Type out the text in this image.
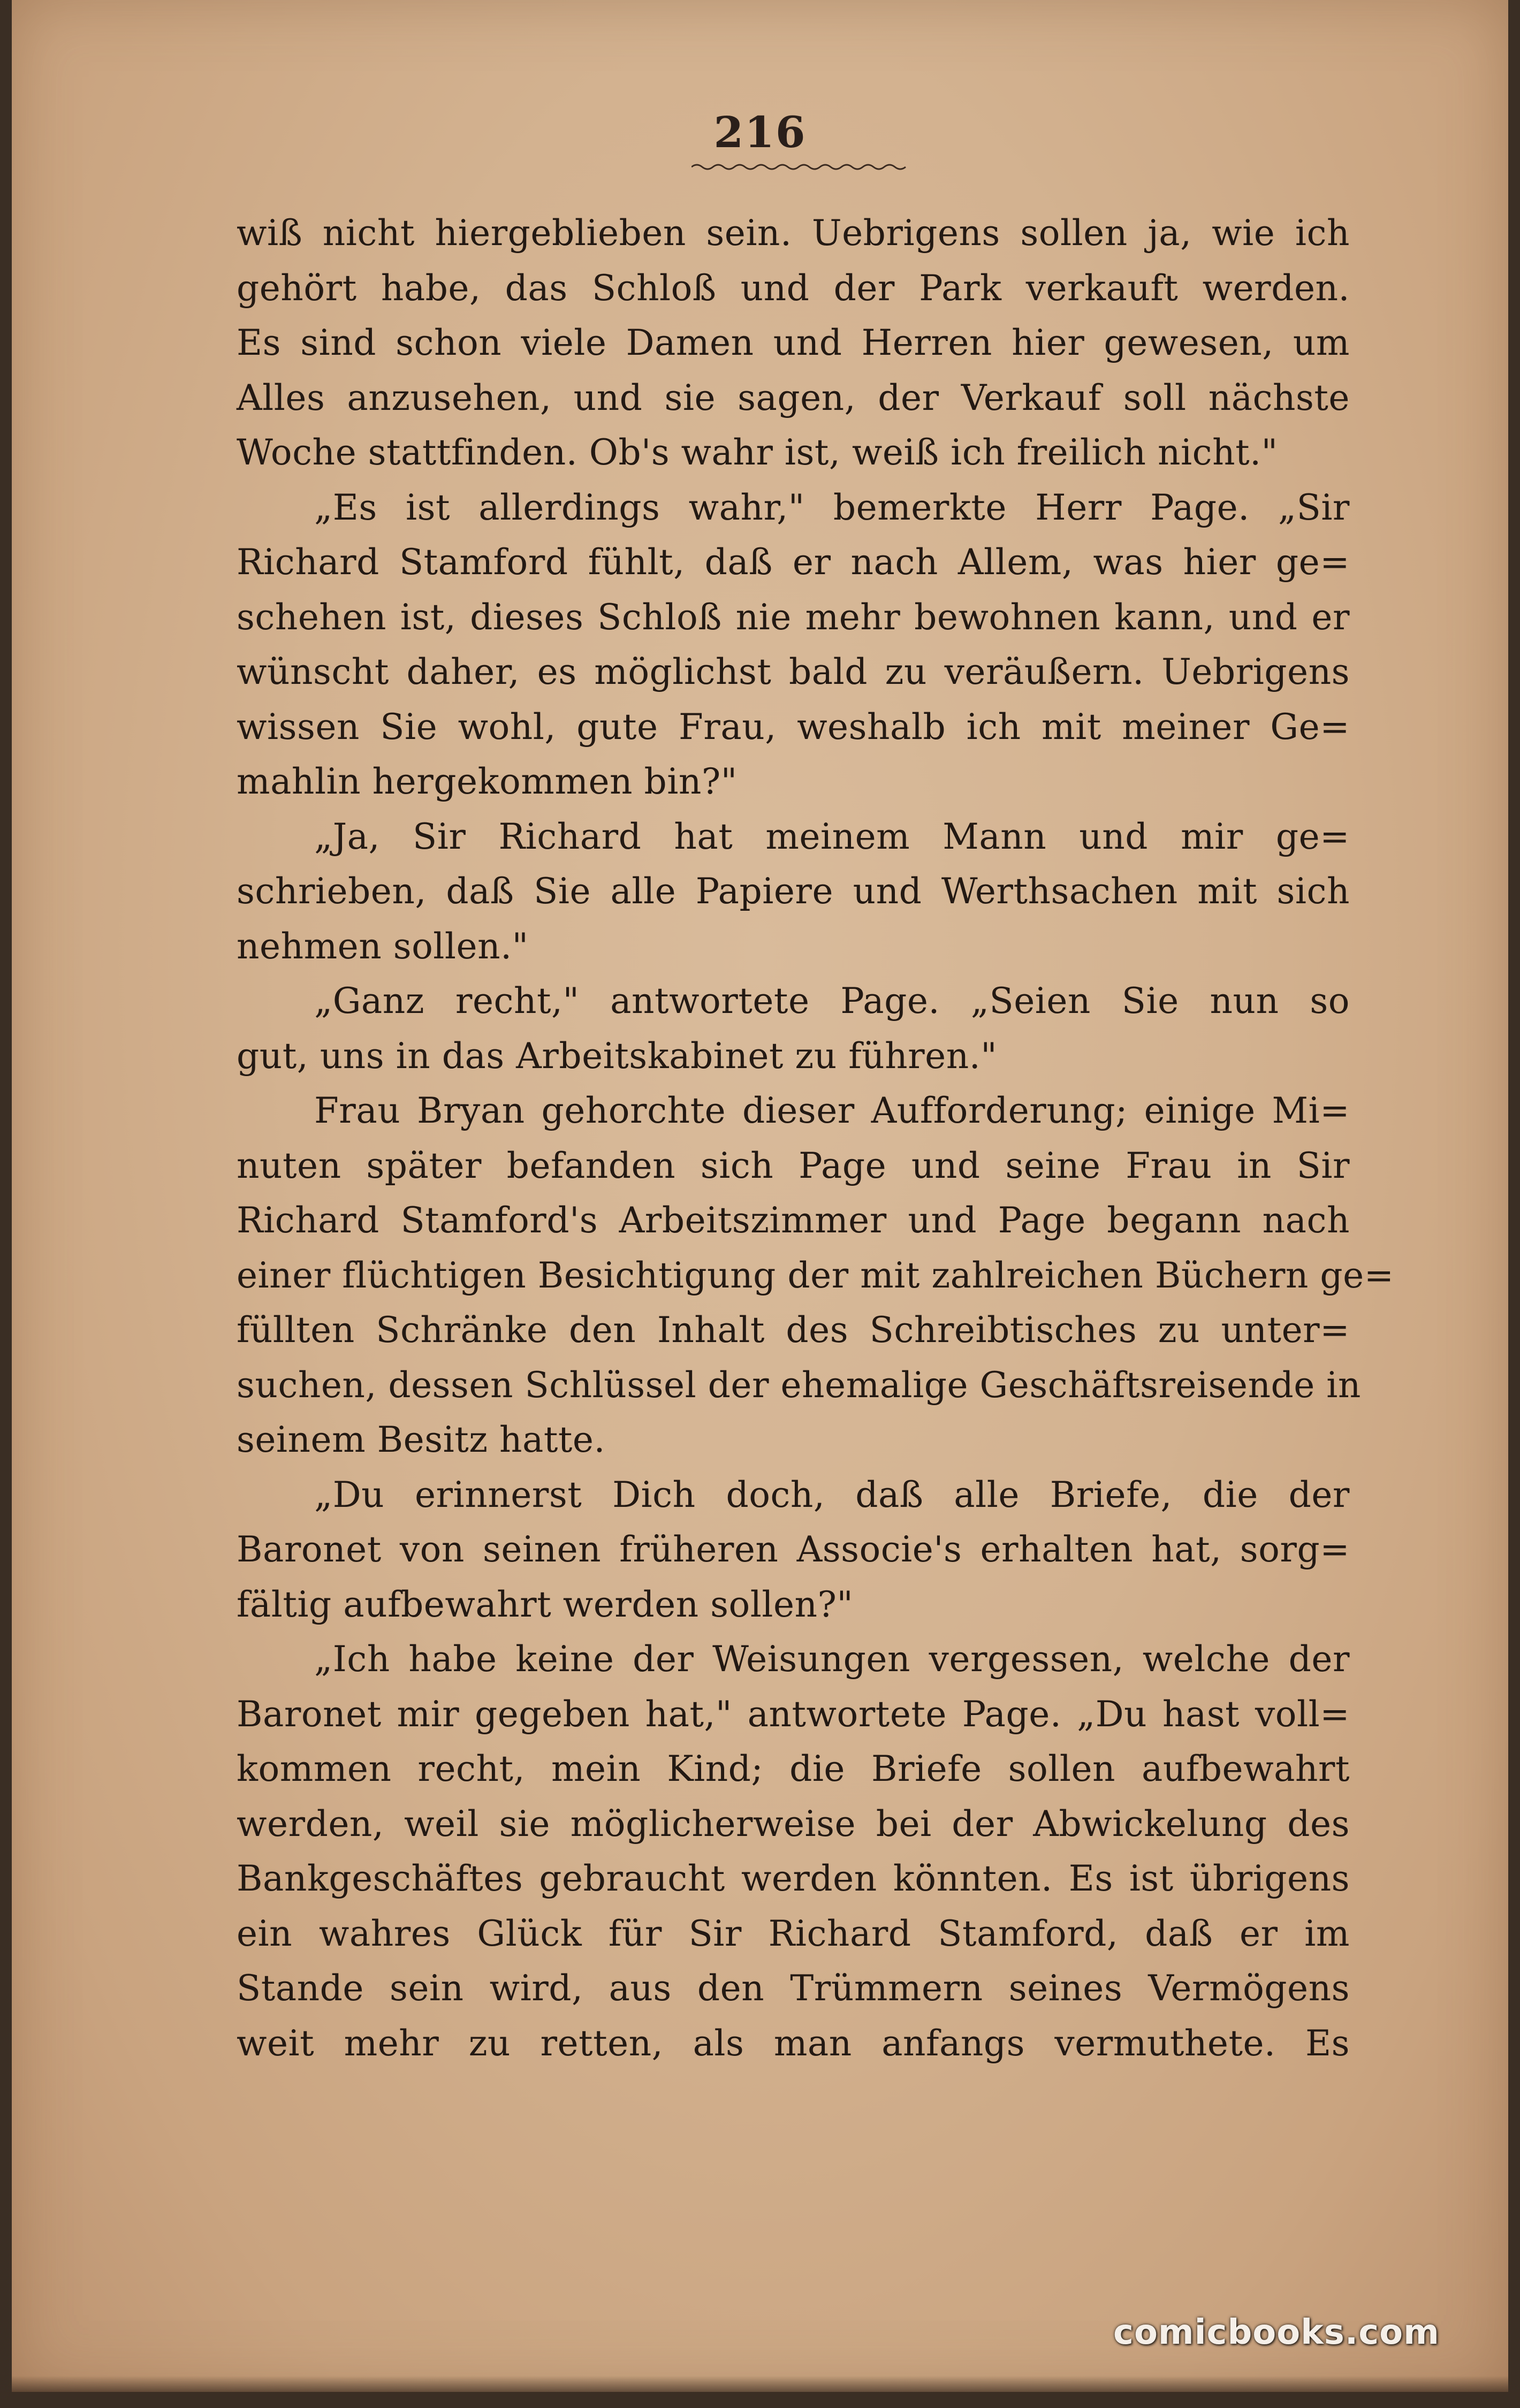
216
wiß nicht hiergeblieben sein. Uebrigens sollen ja, wie ich
gehört habe, das Schloß und der Park verkauft werden.
Es sind schon viele Damen und Herren hier gewesen, um
Alles anzusehen, und sie sagen, der Verkauf soll nächste
Woche stattfinden. Ob's wahr ist, weiß ich freilich nicht."
„Es ist allerdings wahr," bemerkte Herr Page. „Sir
Richard Stamford fühlt, daß er nach Allem, was hier ge=
schehen ist, dieses Schloß nie mehr bewohnen kann, und er
wünscht daher, es möglichst bald zu veräußern. Uebrigens
wissen Sie wohl, gute Frau, weshalb ich mit meiner Ge=
mahlin hergekommen bin?"
„Ja, Sir Richard hat meinem Mann und mir ge=
schrieben, daß Sie alle Papiere und Werthsachen mit sich
nehmen sollen."
„Ganz recht," antwortete Page. „Seien Sie nun so
gut, uns in das Arbeitskabinet zu führen."
Frau Bryan gehorchte dieser Aufforderung; einige Mi=
nuten später befanden sich Page und seine Frau in Sir
Richard Stamford's Arbeitszimmer und Page begann nach
einer flüchtigen Besichtigung der mit zahlreichen Büchern ge=
füllten Schränke den Inhalt des Schreibtisches zu unter=
suchen, dessen Schlüssel der ehemalige Geschäftsreisende in
seinem Besitz hatte.
„Du erinnerst Dich doch, daß alle Briefe, die der
Baronet von seinen früheren Associe's erhalten hat, sorg=
fältig aufbewahrt werden sollen?"
„Ich habe keine der Weisungen vergessen, welche der
Baronet mir gegeben hat," antwortete Page. „Du hast voll=
kommen recht, mein Kind; die Briefe sollen aufbewahrt
werden, weil sie möglicherweise bei der Abwickelung des
Bankgeschäftes gebraucht werden könnten. Es ist übrigens
ein wahres Glück für Sir Richard Stamford, daß er im
Stande sein wird, aus den Trümmern seines Vermögens
weit mehr zu retten, als man anfangs vermuthete. Es
comicbooks.com
